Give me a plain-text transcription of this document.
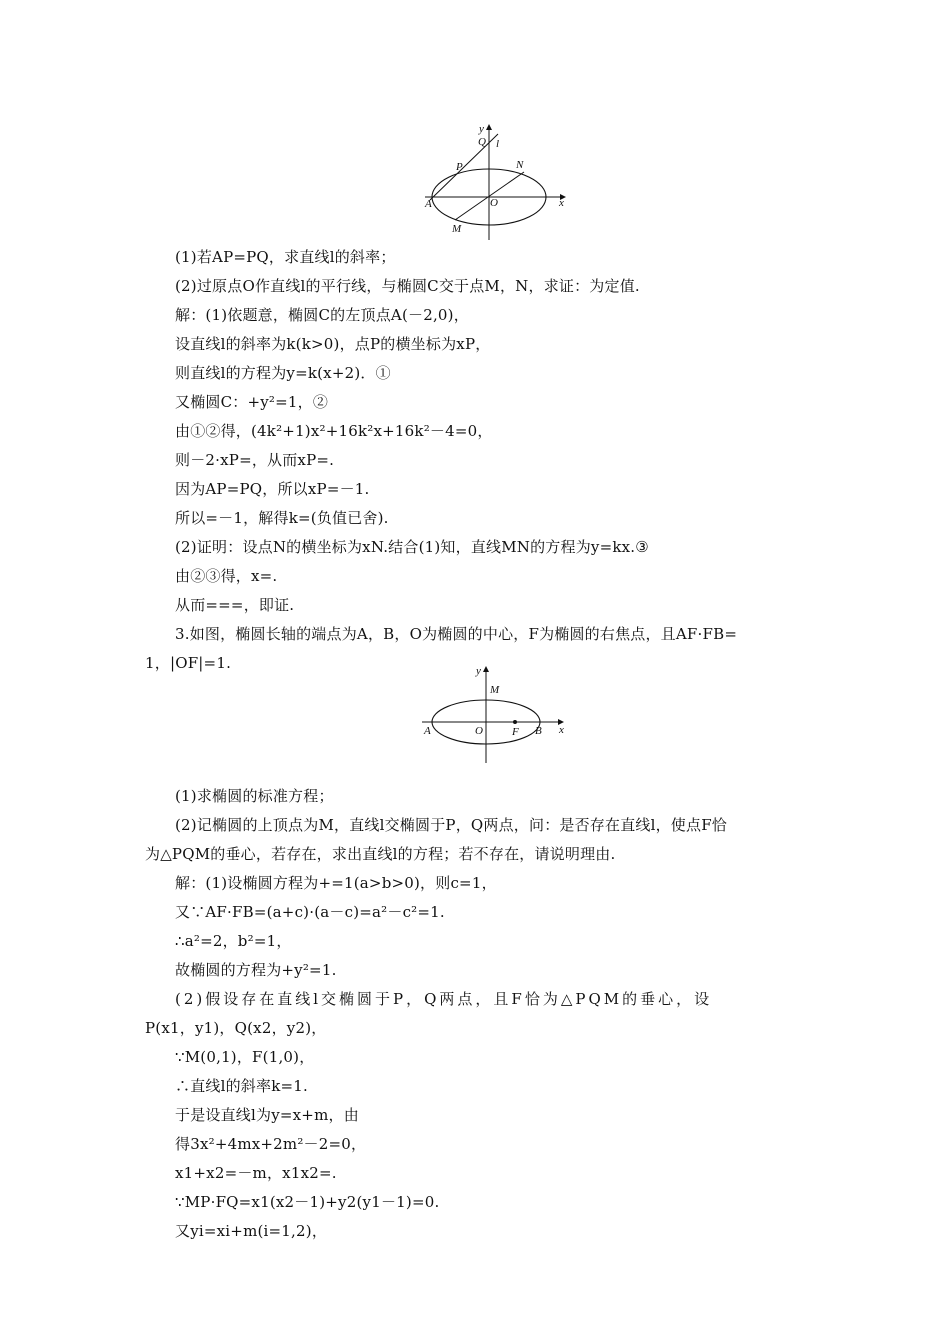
y
Q l
P	N
A	O	x
M
y
M
A	O	F B x
(1)若AP=PQ，求直线l的斜率；
(2)过原点O作直线l的平行线，与椭圆C交于点M，N，求证：为定值.
解：(1)依题意，椭圆C的左顶点A(－2,0)，
设直线l的斜率为k(k>0)，点P的横坐标为xP，
则直线l的方程为y=k(x+2)．①
又椭圆C：+y²=1，②
由①②得，(4k²+1)x²+16k²x+16k²－4=0，
则－2·xP=，从而xP=.
因为AP=PQ，所以xP=－1.
所以=－1，解得k=(负值已舍).
(2)证明：设点N的横坐标为xN.结合(1)知，直线MN的方程为y=kx.③
由②③得，x=.
从而===，即证.
3.如图，椭圆长轴的端点为A，B，O为椭圆的中心，F为椭圆的右焦点，且AF·FB=
1，|OF|=1.
(1)求椭圆的标准方程；
(2)记椭圆的上顶点为M，直线l交椭圆于P，Q两点，问：是否存在直线l，使点F恰
为△PQM的垂心，若存在，求出直线l的方程；若不存在，请说明理由.
解：(1)设椭圆方程为+=1(a>b>0)，则c=1，
又∵AF·FB=(a+c)·(a－c)=a²－c²=1.
∴a²=2，b²=1，
故椭圆的方程为+y²=1.
(2)假设存在直线l交椭圆于P，Q两点，且F恰为△PQM的垂心，设
P(x1，y1)，Q(x2，y2)，
∵M(0,1)，F(1,0)，
∴直线l的斜率k=1.
于是设直线l为y=x+m，由
得3x²+4mx+2m²－2=0，
x1+x2=－m，x1x2=.
∵MP·FQ=x1(x2－1)+y2(y1－1)=0.
又yi=xi+m(i=1,2)，
